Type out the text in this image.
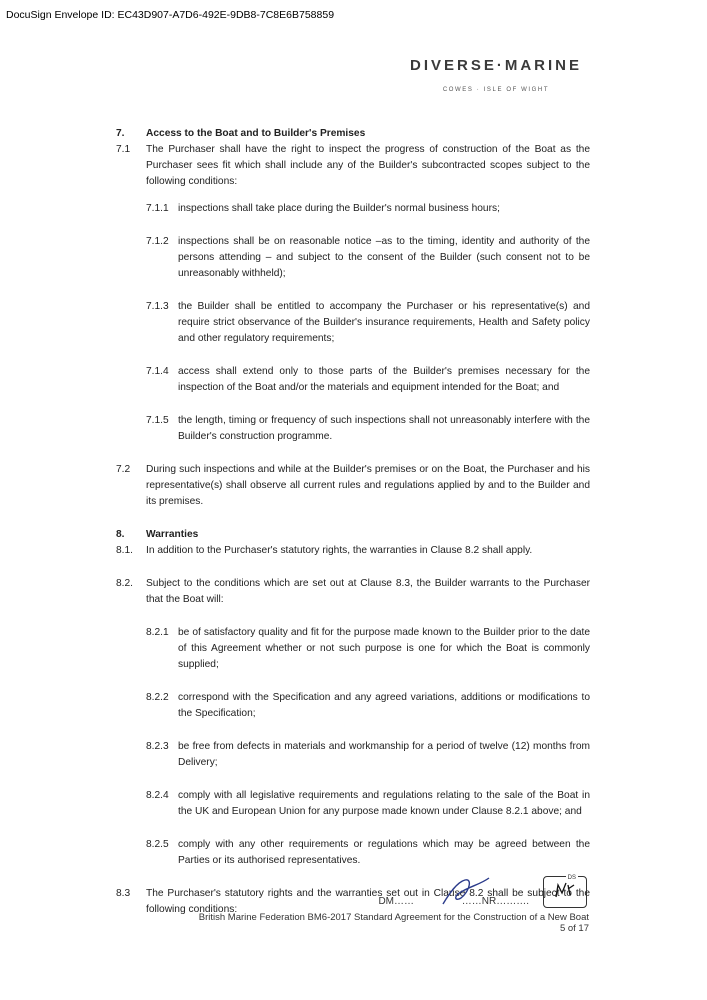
DocuSign Envelope ID: EC43D907-A7D6-492E-9DB8-7C8E6B758859
DIVERSE·MARINE
COWES · ISLE OF WIGHT
7.	Access to the Boat and to Builder's Premises
7.1	The Purchaser shall have the right to inspect the progress of construction of the Boat as the Purchaser sees fit which shall include any of the Builder's subcontracted scopes subject to the following conditions:
7.1.1 inspections shall take place during the Builder's normal business hours;
7.1.2 inspections shall be on reasonable notice –as to the timing, identity and authority of the persons attending – and subject to the consent of the Builder (such consent not to be unreasonably withheld);
7.1.3 the Builder shall be entitled to accompany the Purchaser or his representative(s) and require strict observance of the Builder's insurance requirements, Health and Safety policy and other regulatory requirements;
7.1.4 access shall extend only to those parts of the Builder's premises necessary for the inspection of the Boat and/or the materials and equipment intended for the Boat; and
7.1.5 the length, timing or frequency of such inspections shall not unreasonably interfere with the Builder's construction programme.
7.2	During such inspections and while at the Builder's premises or on the Boat, the Purchaser and his representative(s) shall observe all current rules and regulations applied by and to the Builder and its premises.
8.	Warranties
8.1.	In addition to the Purchaser's statutory rights, the warranties in Clause 8.2 shall apply.
8.2.	Subject to the conditions which are set out at Clause 8.3, the Builder warrants to the Purchaser that the Boat will:
8.2.1 be of satisfactory quality and fit for the purpose made known to the Builder prior to the date of this Agreement whether or not such purpose is one for which the Boat is commonly supplied;
8.2.2 correspond with the Specification and any agreed variations, additions or modifications to the Specification;
8.2.3 be free from defects in materials and workmanship for a period of twelve (12) months from Delivery;
8.2.4 comply with all legislative requirements and regulations relating to the sale of the Boat in the UK and European Union for any purpose made known under Clause 8.2.1 above; and
8.2.5 comply with any other requirements or regulations which may be agreed between the Parties or its authorised representatives.
8.3	The Purchaser's statutory rights and the warranties set out in Clause 8.2 shall be subject to the following conditions:
DM……	……NR……….
DS
British Marine Federation BM6-2017 Standard Agreement for the Construction of a New Boat
5 of 17
